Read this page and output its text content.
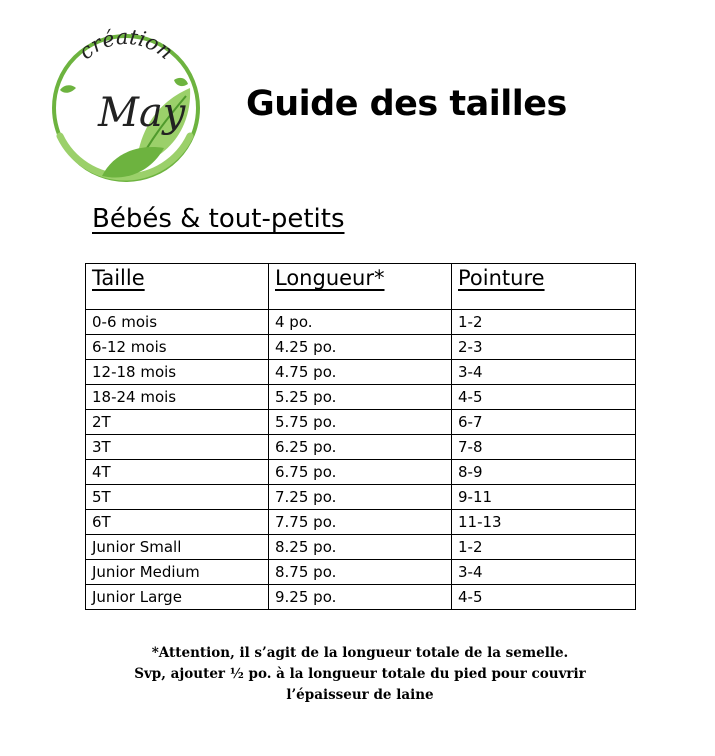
création
May Guide des tailles
Bébés & tout-petits
Taille	Longueur*	Pointure
0-6 mois	4 po.	1-2
6-12 mois	4.25 po.	2-3
12-18 mois	4.75 po.	3-4
18-24 mois	5.25 po.	4-5
2T	5.75 po.	6-7
3T	6.25 po.	7-8
4T	6.75 po.	8-9
5T	7.25 po.	9-11
6T	7.75 po.	11-13
Junior Small	8.25 po.	1-2
Junior Medium	8.75 po.	3-4
Junior Large	9.25 po.	4-5

*Attention, il s’agit de la longueur totale de la semelle.

Svp, ajouter ½ po. à la longueur totale du pied pour couvrir

l’épaisseur de laine
